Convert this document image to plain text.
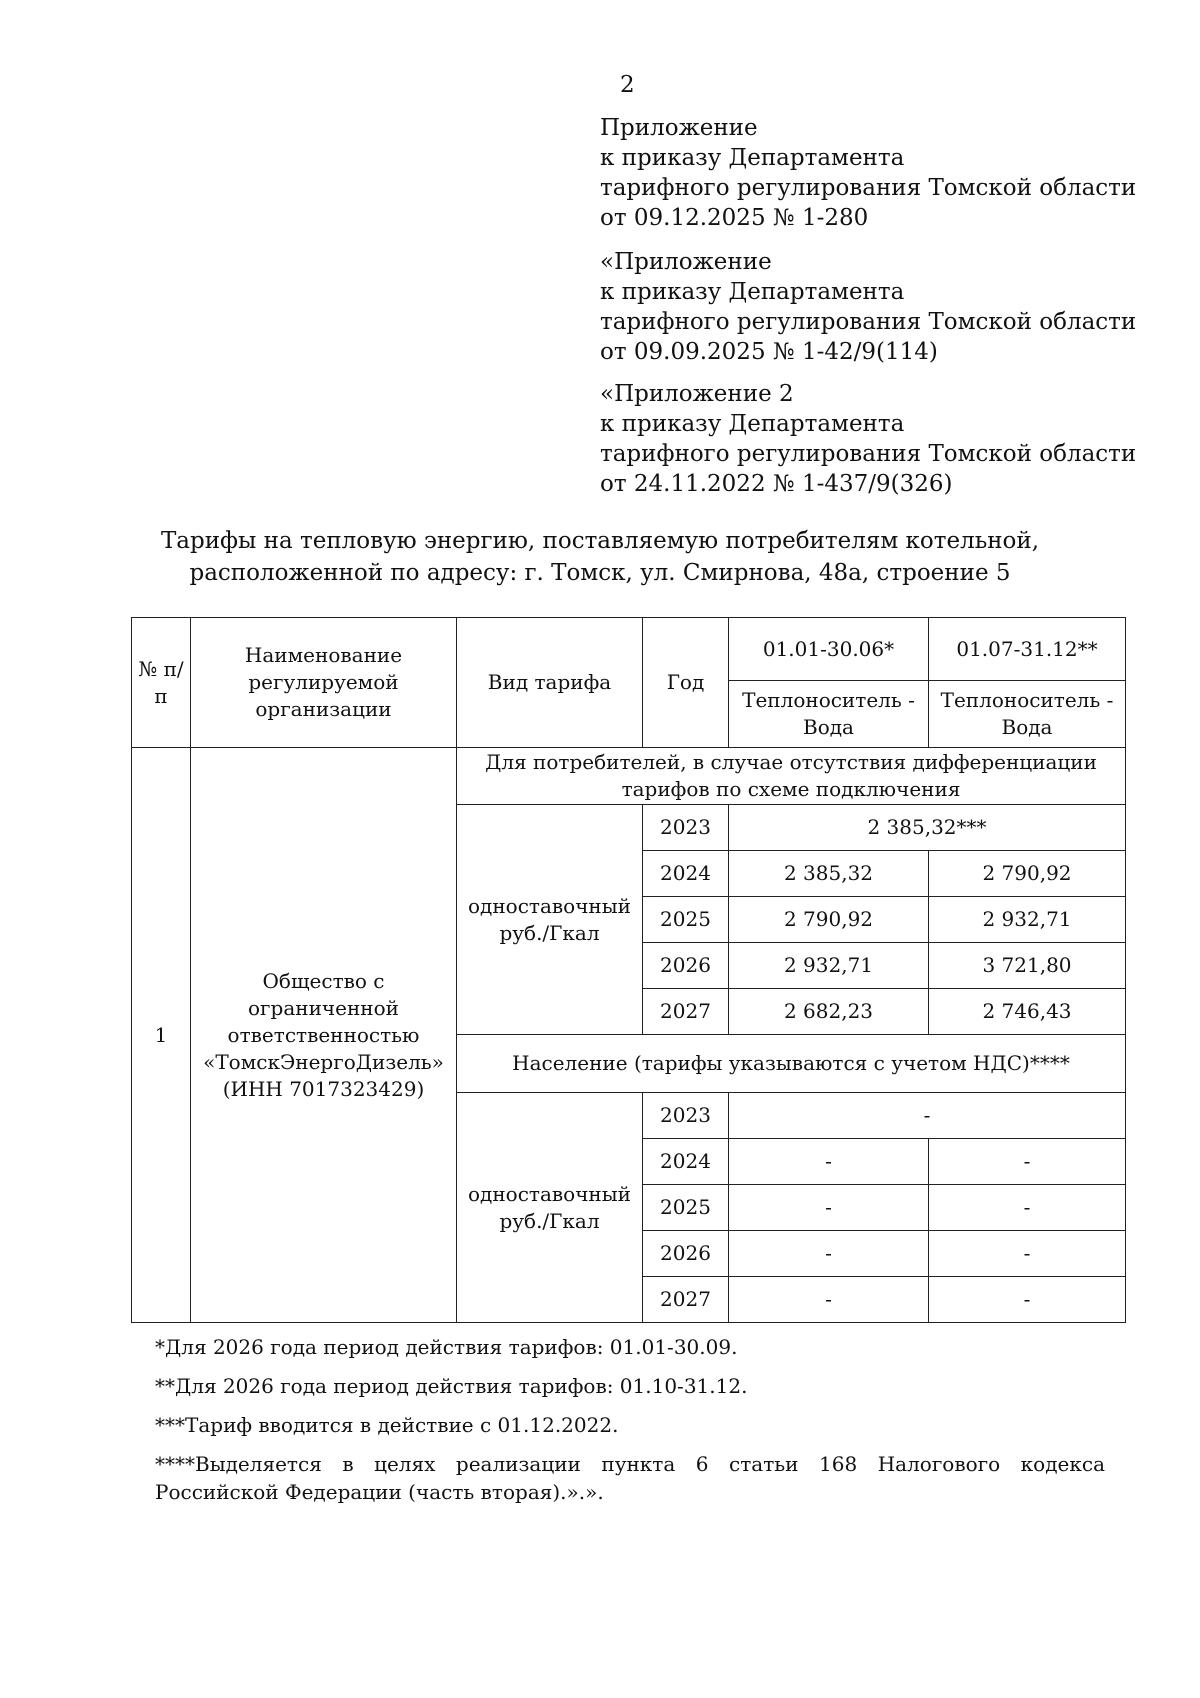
2
Приложение
к приказу Департамента
тарифного регулирования Томской области
от 09.12.2025 № 1-280
«Приложение
к приказу Департамента
тарифного регулирования Томской области
от 09.09.2025 № 1-42/9(114)
«Приложение 2
к приказу Департамента
тарифного регулирования Томской области
от 24.11.2022 № 1-437/9(326)
Тарифы на тепловую энергию, поставляемую потребителям котельной,
расположенной по адресу: г. Томск, ул. Смирнова, 48а, строение 5
№ п/п	Наименование регулируемой организации	Вид тарифа	Год	01.01-30.06*	01.07-31.12**
				Теплоноситель - Вода	Теплоноситель - Вода
1	Общество с ограниченной ответственностью «ТомскЭнергоДизель» (ИНН 7017323429)	Для потребителей, в случае отсутствия дифференциации тарифов по схеме подключения			
		одноставочный руб./Гкал	2023	2 385,32***	
			2024	2 385,32	2 790,92
			2025	2 790,92	2 932,71
			2026	2 932,71	3 721,80
			2027	2 682,23	2 746,43
		Население (тарифы указываются с учетом НДС)****			
		одноставочный руб./Гкал	2023	-	
			2024	-	-
			2025	-	-
			2026	-	-
			2027	-	-

*Для 2026 года период действия тарифов: 01.01-30.09.

**Для 2026 года период действия тарифов: 01.10-31.12.

***Тариф вводится в действие с 01.12.2022.

****Выделяется в целях реализации пункта 6 статьи 168 Налогового кодекса Российской Федерации (часть вторая).».».
